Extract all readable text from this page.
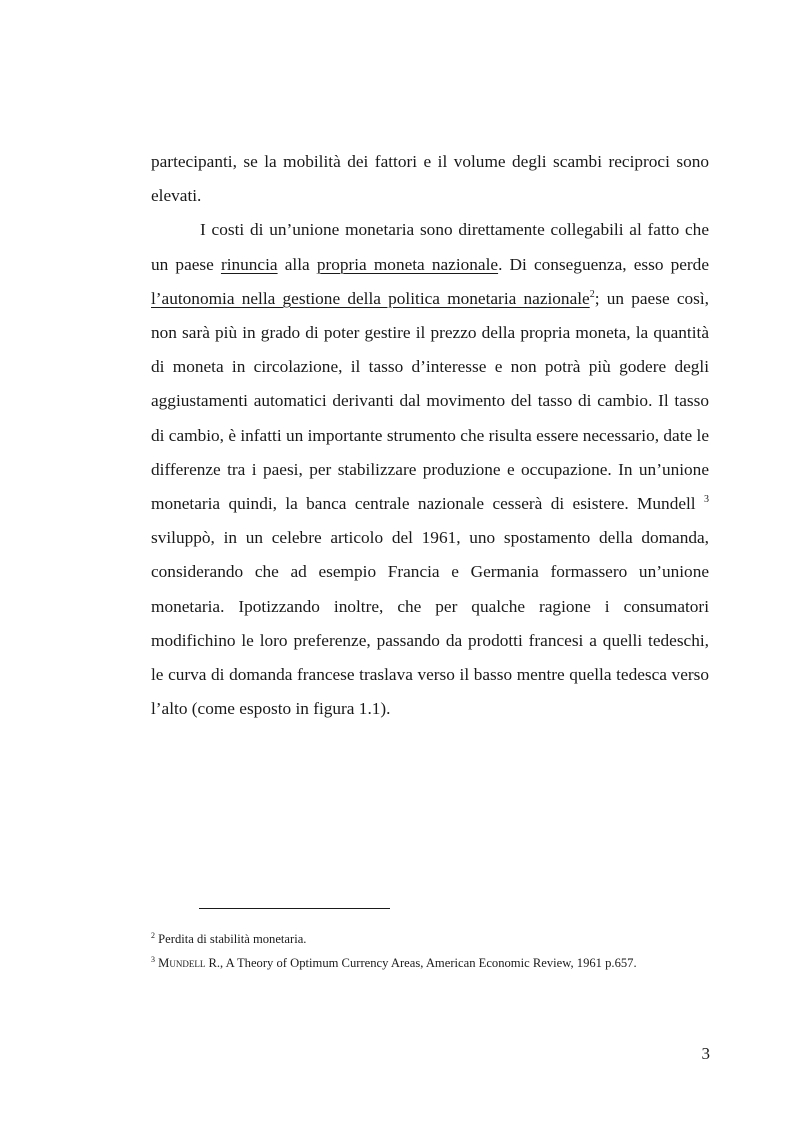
partecipanti, se la mobilità dei fattori e il volume degli scambi reciproci sono elevati.

I costi di un’unione monetaria sono direttamente collegabili al fatto che un paese rinuncia alla propria moneta nazionale. Di conseguenza, esso perde l’autonomia nella gestione della politica monetaria nazionale$^2$; un paese così, non sarà più in grado di poter gestire il prezzo della propria moneta, la quantità di moneta in circolazione, il tasso d’interesse e non potrà più godere degli aggiustamenti automatici derivanti dal movimento del tasso di cambio. Il tasso di cambio, è infatti un importante strumento che risulta essere necessario, date le differenze tra i paesi, per stabilizzare produzione e occupazione. In un’unione monetaria quindi, la banca centrale nazionale cesserà di esistere. Mundell $^3$ sviluppò, in un celebre articolo del 1961, uno spostamento della domanda, considerando che ad esempio Francia e Germania formassero un’unione monetaria. Ipotizzando inoltre, che per qualche ragione i consumatori modifichino le loro preferenze, passando da prodotti francesi a quelli tedeschi, le curva di domanda francese traslava verso il basso mentre quella tedesca verso l’alto (come esposto in figura 1.1).

$^2$ Perdita di stabilità monetaria.

$^3$ Mundell R., A Theory of Optimum Currency Areas, American Economic Review, 1961 p.657.

3
